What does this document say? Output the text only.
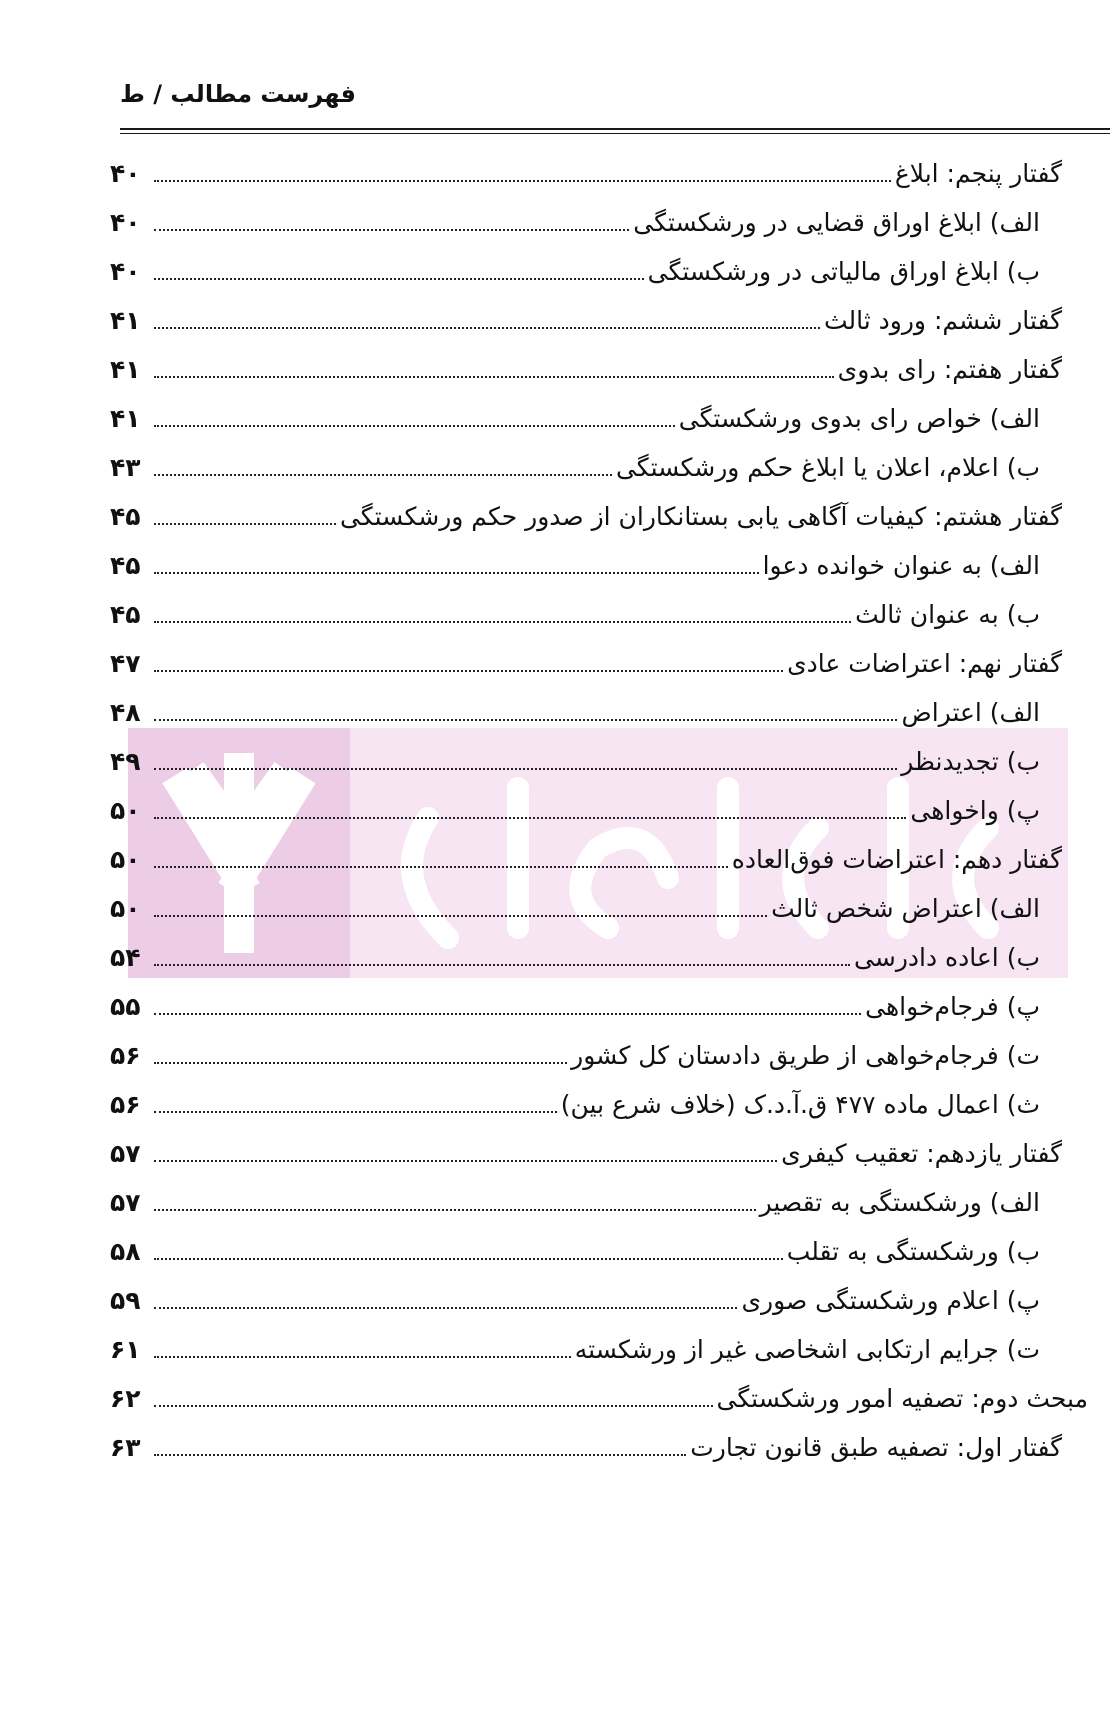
فهرست مطالب / ط
گفتار پنجم: ابلاغ
۴۰
الف) ابلاغ اوراق قضایی در ورشکستگی
۴۰
ب) ابلاغ اوراق مالیاتی در ورشکستگی
۴۰
گفتار ششم: ورود ثالث
۴۱
گفتار هفتم: رای بدوی
۴۱
الف) خواص رای بدوی ورشکستگی
۴۱
ب) اعلام، اعلان یا ابلاغ حکم ورشکستگی
۴۳
گفتار هشتم: کیفیات آگاهی یابی بستانکاران از صدور حکم ورشکستگی
۴۵
الف) به عنوان خوانده دعوا
۴۵
ب) به عنوان ثالث
۴۵
گفتار نهم: اعتراضات عادی
۴۷
الف) اعتراض
۴۸
ب) تجدیدنظر
۴۹
پ) واخواهی
۵۰
گفتار دهم: اعتراضات فوق‌العاده
۵۰
الف) اعتراض شخص ثالث
۵۰
ب) اعاده دادرسی
۵۴
پ) فرجام‌خواهی
۵۵
ت) فرجام‌خواهی از طریق دادستان کل کشور
۵۶
ث) اعمال ماده ۴۷۷ ق.آ.د.ک (خلاف شرع بین)
۵۶
گفتار یازدهم: تعقیب کیفری
۵۷
الف) ورشکستگی به تقصیر
۵۷
ب) ورشکستگی به تقلب
۵۸
پ) اعلام ورشکستگی صوری
۵۹
ت) جرایم ارتکابی اشخاصی غیر از ورشکسته
۶۱
مبحث دوم: تصفیه امور ورشکستگی
۶۲
گفتار اول: تصفیه طبق قانون تجارت
۶۳
